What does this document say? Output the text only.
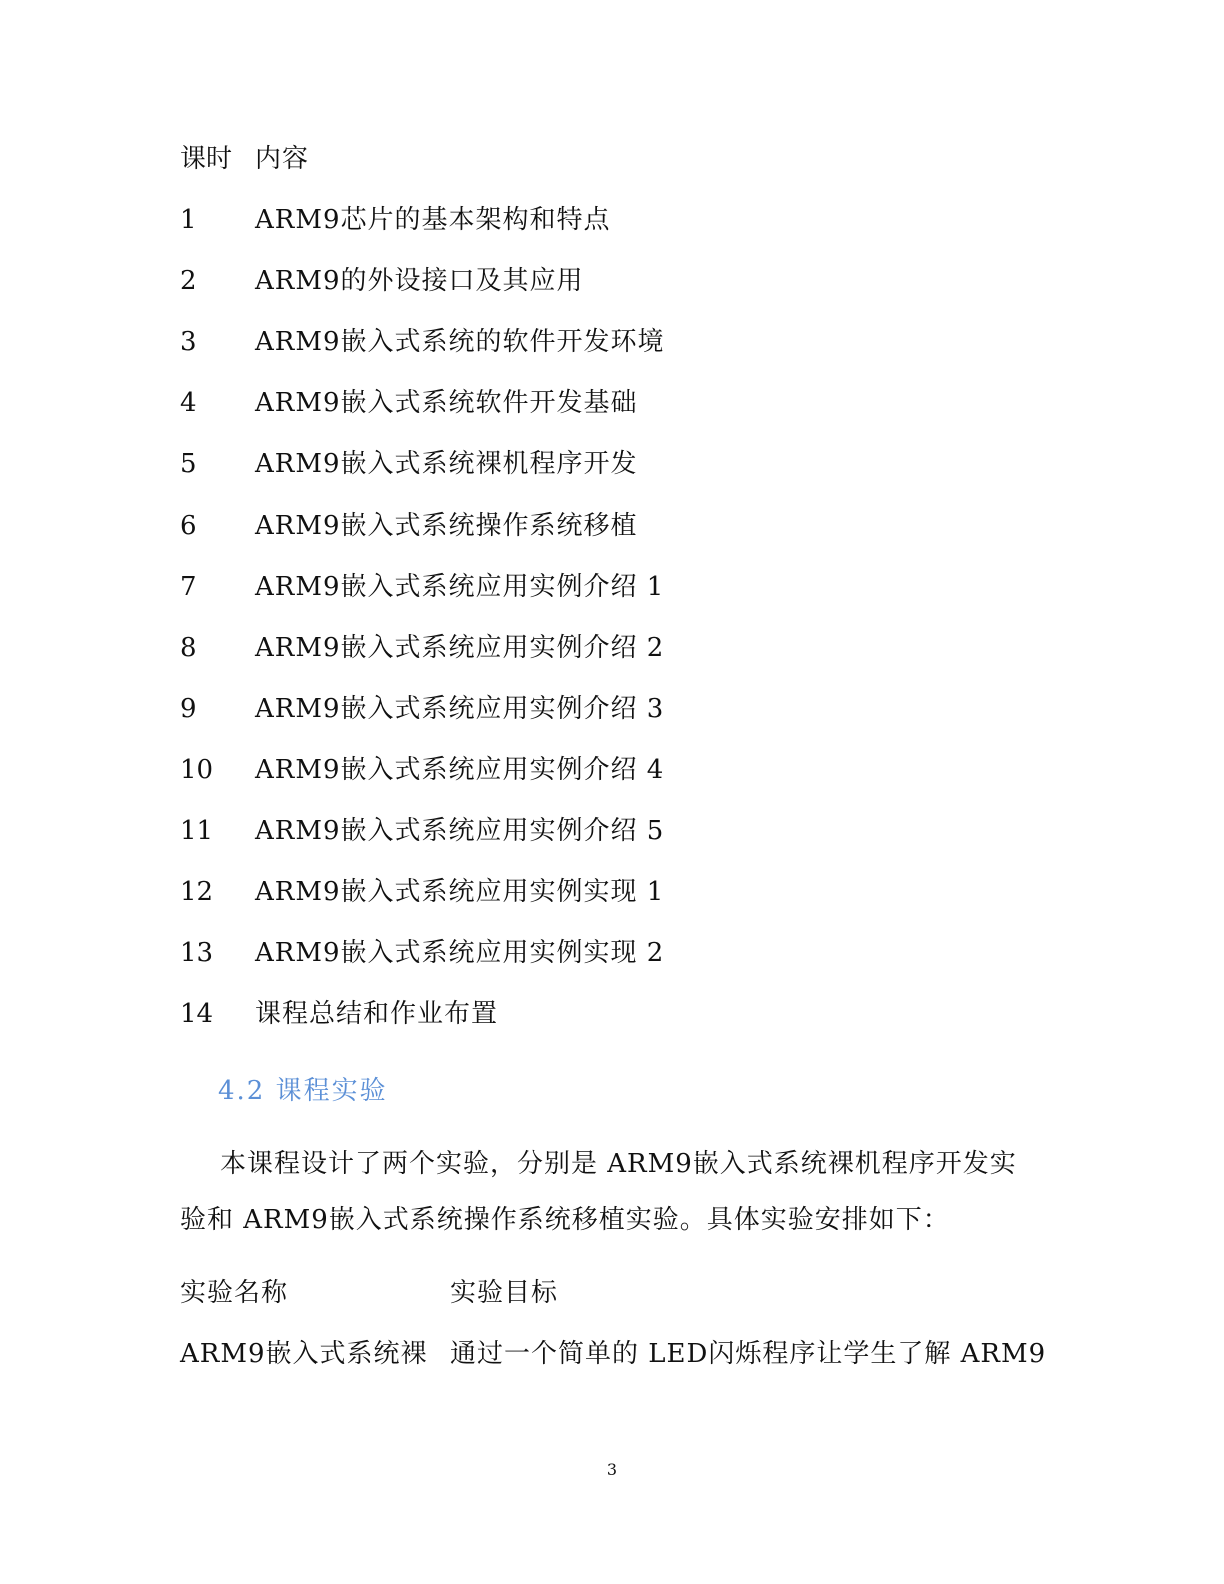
课时 内容
1 ARM9芯片的基本架构和特点
2 ARM9的外设接口及其应用
3 ARM9嵌入式系统的软件开发环境
4 ARM9嵌入式系统软件开发基础
5 ARM9嵌入式系统裸机程序开发
6 ARM9嵌入式系统操作系统移植
7 ARM9嵌入式系统应用实例介绍 1
8 ARM9嵌入式系统应用实例介绍 2
9 ARM9嵌入式系统应用实例介绍 3
10 ARM9嵌入式系统应用实例介绍 4
11 ARM9嵌入式系统应用实例介绍 5
12 ARM9嵌入式系统应用实例实现 1
13 ARM9嵌入式系统应用实例实现 2
14 课程总结和作业布置
4.2 课程实验
本课程设计了两个实验，分别是 ARM9嵌入式系统裸机程序开发实验和 ARM9嵌入式系统操作系统移植实验。具体实验安排如下：
实验名称	实验目标
ARM9嵌入式系统裸 通过一个简单的 LED闪烁程序让学生了解 ARM9
3
